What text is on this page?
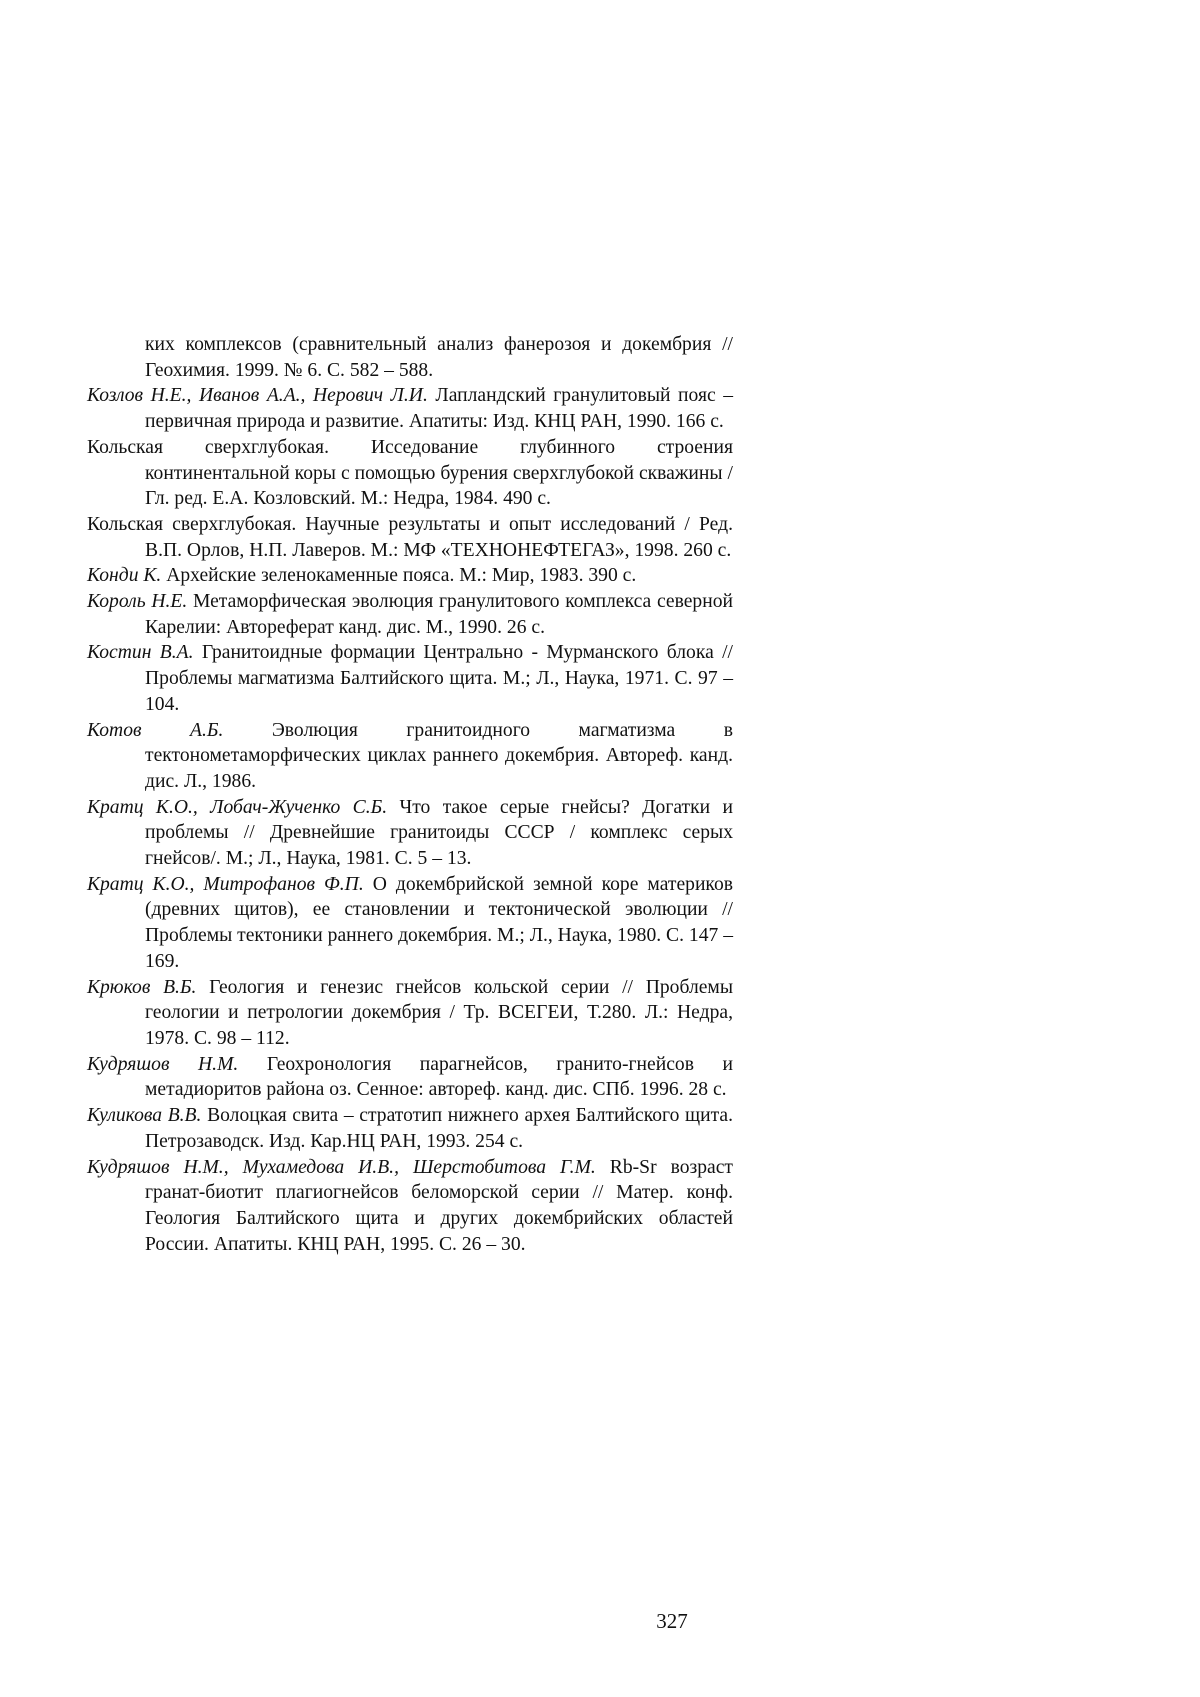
ких комплексов (сравнительный анализ фанерозоя и докембрия // Геохимия. 1999. № 6. С. 582 – 588.

Козлов Н.Е., Иванов А.А., Нерович Л.И. Лапландский гранулитовый пояс – первичная природа и развитие. Апатиты: Изд. КНЦ РАН, 1990. 166 с.

Кольская сверхглубокая. Исседование глубинного строения континентальной коры с помощью бурения сверхглубокой скважины / Гл. ред. Е.А. Козловский. М.: Недра, 1984. 490 с.

Кольская сверхглубокая. Научные результаты и опыт исследований / Ред. В.П. Орлов, Н.П. Лаверов. М.: МФ «ТЕХНОНЕФТЕГАЗ», 1998. 260 с.

Конди К. Архейские зеленокаменные пояса. М.: Мир, 1983. 390 с.

Король Н.Е. Метаморфическая эволюция гранулитового комплекса северной Карелии: Автореферат канд. дис. М., 1990. 26 с.

Костин В.А. Гранитоидные формации Центрально - Мурманского блока // Проблемы магматизма Балтийского щита. М.; Л., Наука, 1971. С. 97 – 104.

Котов А.Б. Эволюция гранитоидного магматизма в тектонометаморфических циклах раннего докембрия. Автореф. канд. дис. Л., 1986.

Кратц К.О., Лобач-Жученко С.Б. Что такое серые гнейсы? Догатки и проблемы // Древнейшие гранитоиды СССР / комплекс серых гнейсов/. М.; Л., Наука, 1981. С. 5 – 13.

Кратц К.О., Митрофанов Ф.П. О докембрийской земной коре материков (древних щитов), ее становлении и тектонической эволюции // Проблемы тектоники раннего докембрия. М.; Л., Наука, 1980. С. 147 – 169.

Крюков В.Б. Геология и генезис гнейсов кольской серии // Проблемы геологии и петрологии докембрия / Тр. ВСЕГЕИ, Т.280. Л.: Недра, 1978. С. 98 – 112.

Кудряшов Н.М. Геохронология парагнейсов, гранито-гнейсов и метадиоритов района оз. Сенное: автореф. канд. дис. СПб. 1996. 28 с.

Куликова В.В. Волоцкая свита – стратотип нижнего архея Балтийского щита. Петрозаводск. Изд. Кар.НЦ РАН, 1993. 254 с.

Кудряшов Н.М., Мухамедова И.В., Шерстобитова Г.М. Rb-Sr возраст гранат-биотит плагиогнейсов беломорской серии // Матер. конф. Геология Балтийского щита и других докембрийских областей России. Апатиты. КНЦ РАН, 1995. С. 26 – 30.

327
